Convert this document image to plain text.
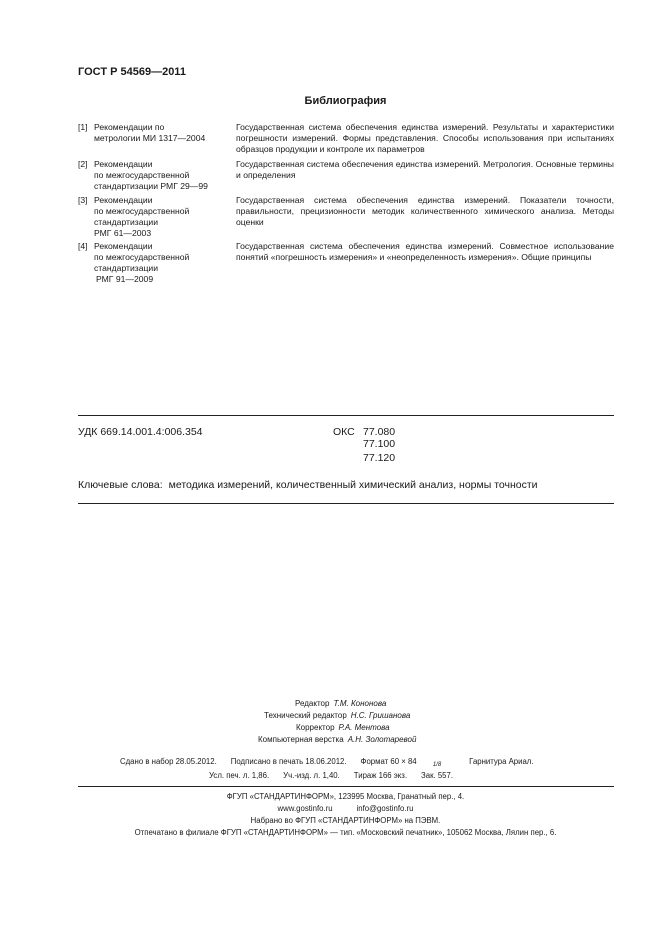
ГОСТ Р 54569—2011
Библиография
[1] Рекомендации по
метрологии МИ 1317—2004
Государственная система обеспечения единства измерений. Результаты и характеристики погрешности измерений. Формы представления. Способы использования при испытаниях образцов продукции и контроле их параметров
[2] Рекомендации
по межгосударственной
стандартизации РМГ 29—99
Государственная система обеспечения единства измерений. Метрология. Основные термины и определения
[3] Рекомендации
по межгосударственной
стандартизации
РМГ 61—2003
Государственная система обеспечения единства измерений. Показатели точности, правильности, прецизионности методик количественного химического анализа. Методы оценки
[4] Рекомендации
по межгосударственной
стандартизации
РМГ 91—2009
Государственная система обеспечения единства измерений. Совместное использование понятий «погрешность измерения» и «неопределенность измерения». Общие принципы
УДК 669.14.001.4:006.354	ОКС 77.080
77.100
77.120
Ключевые слова: методика измерений, количественный химический анализ, нормы точности
Редактор Т.М. Кононова
Технический редактор Н.С. Гришанова
Корректор Р.А. Ментова
Компьютерная верстка А.Н. Золотаревой
Сдано в набор 28.05.2012. Подписано в печать 18.06.2012. Формат 60 × 84	$_{1/8}$	Гарнитура Ариал.
Усл. печ. л. 1,86. Уч.-изд. л. 1,40. Тираж 166 экз. Зак. 557.
ФГУП «СТАНДАРТИНФОРМ», 123995 Москва, Гранатный пер., 4.
www.gostinfo.ru	info@gostinfo.ru
Набрано во ФГУП «СТАНДАРТИНФОРМ» на ПЭВМ.
Отпечатано в филиале ФГУП «СТАНДАРТИНФОРМ» — тип. «Московский печатник», 105062 Москва, Лялин пер., 6.
